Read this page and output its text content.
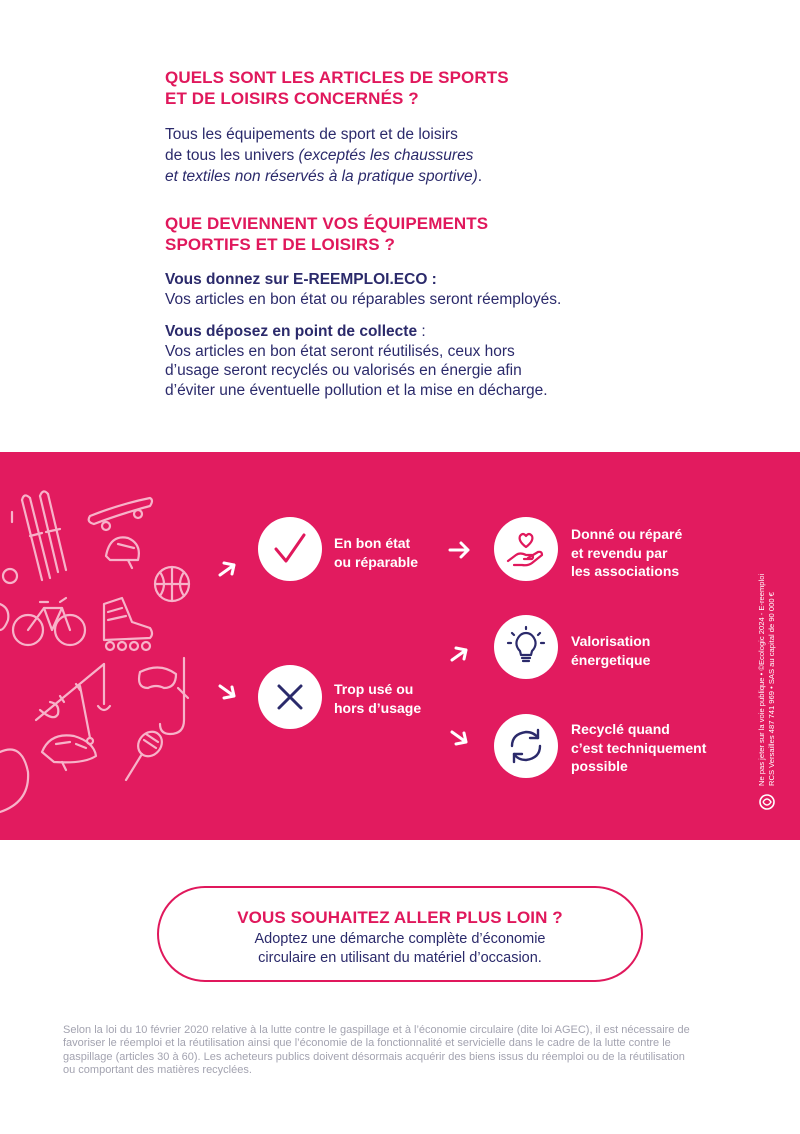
QUELS SONT LES ARTICLES DE SPORTS
ET DE LOISIRS CONCERNÉS ?
Tous les équipements de sport et de loisirs
de tous les univers (exceptés les chaussures
et textiles non réservés à la pratique sportive).
QUE DEVIENNENT VOS ÉQUIPEMENTS
SPORTIFS ET DE LOISIRS ?
Vous donnez sur E-REEMPLOI.ECO :
Vos articles en bon état ou réparables seront réemployés.
Vous déposez en point de collecte :
Vos articles en bon état seront réutilisés, ceux hors
d’usage seront recyclés ou valorisés en énergie afin
d’éviter une éventuelle pollution et la mise en décharge.
En bon état
ou réparable
Trop usé ou
hors d’usage
Donné ou réparé
et revendu par
les associations
Valorisation
énergetique
Recyclé quand
c’est techniquement
possible	Ne pas jeter sur la voie publique • ©Ecologic 2024 - E-reemploi RCS Versailles 487 741 969 • SAS au capital de 90 000 €
VOUS SOUHAITEZ ALLER PLUS LOIN ?
Adoptez une démarche complète d’économie
circulaire en utilisant du matériel d’occasion.
Selon la loi du 10 février 2020 relative à la lutte contre le gaspillage et à l’économie circulaire (dite loi AGEC), il est nécessaire de
favoriser le réemploi et la réutilisation ainsi que l’économie de la fonctionnalité et servicielle dans le cadre de la lutte contre le
gaspillage (articles 30 à 60). Les acheteurs publics doivent désormais acquérir des biens issus du réemploi ou de la réutilisation
ou comportant des matières recyclées.
